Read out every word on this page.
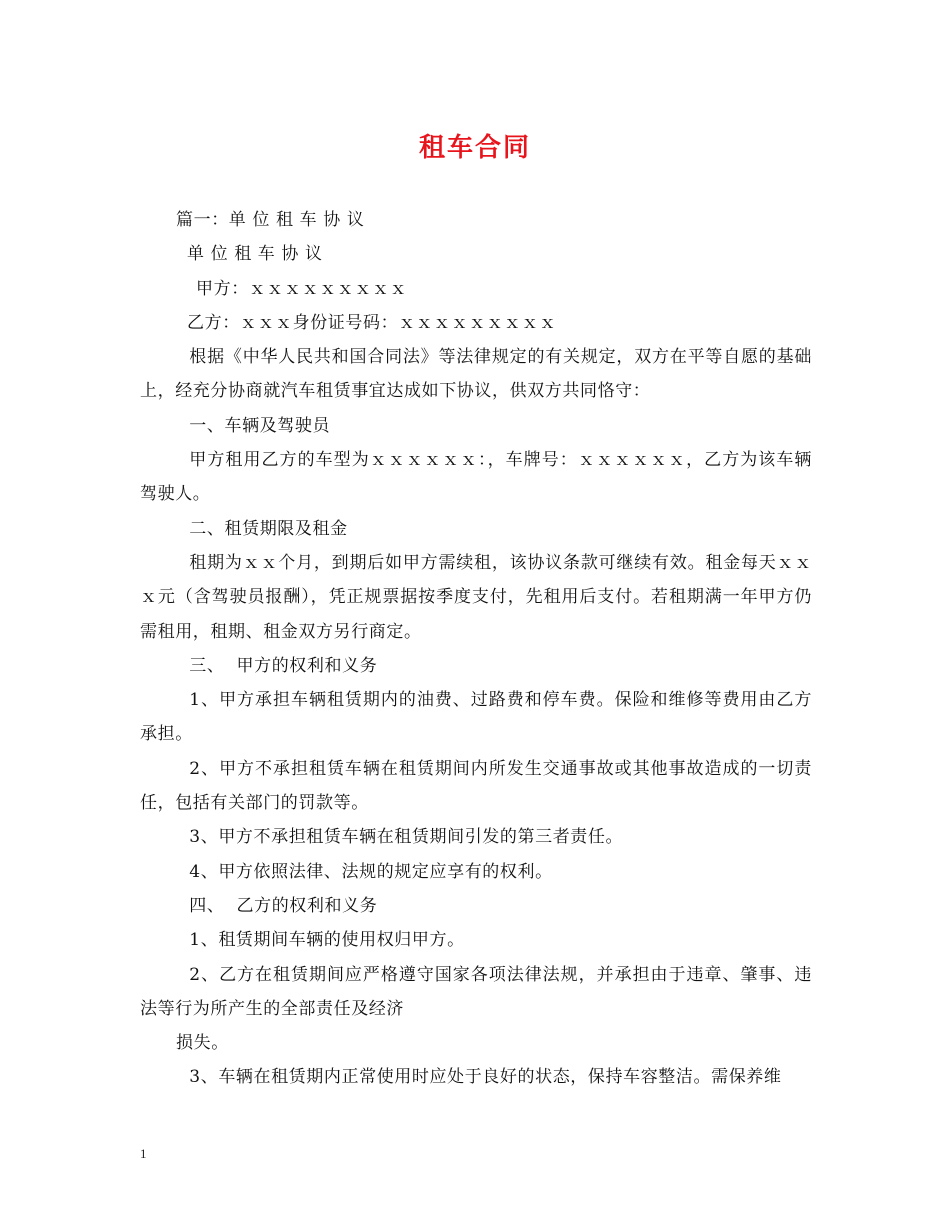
租车合同

篇一：单 位 租 车 协 议

单 位 租 车 协 议

甲方：ｘｘｘｘｘｘｘｘｘ

乙方：ｘｘｘ身份证号码：ｘｘｘｘｘｘｘｘｘ

根据《中华人民共和国合同法》等法律规定的有关规定，双方在平等自愿的基础上，经充分协商就汽车租赁事宜达成如下协议，供双方共同恪守：

一、车辆及驾驶员

甲方租用乙方的车型为ｘｘｘｘｘｘ：，车牌号：ｘｘｘｘｘｘ，乙方为该车辆驾驶人。

二、租赁期限及租金

租期为ｘｘ个月，到期后如甲方需续租，该协议条款可继续有效。租金每天ｘｘｘ元（含驾驶员报酬），凭正规票据按季度支付，先租用后支付。若租期满一年甲方仍需租用，租期、租金双方另行商定。

三、  甲方的权利和义务

1、甲方承担车辆租赁期内的油费、过路费和停车费。保险和维修等费用由乙方承担。

2、甲方不承担租赁车辆在租赁期间内所发生交通事故或其他事故造成的一切责任，包括有关部门的罚款等。

3、甲方不承担租赁车辆在租赁期间引发的第三者责任。

4、甲方依照法律、法规的规定应享有的权利。

四、  乙方的权利和义务

1、租赁期间车辆的使用权归甲方。

2、乙方在租赁期间应严格遵守国家各项法律法规，并承担由于违章、肇事、违法等行为所产生的全部责任及经济

损失。

3、车辆在租赁期内正常使用时应处于良好的状态，保持车容整洁。需保养维

1
